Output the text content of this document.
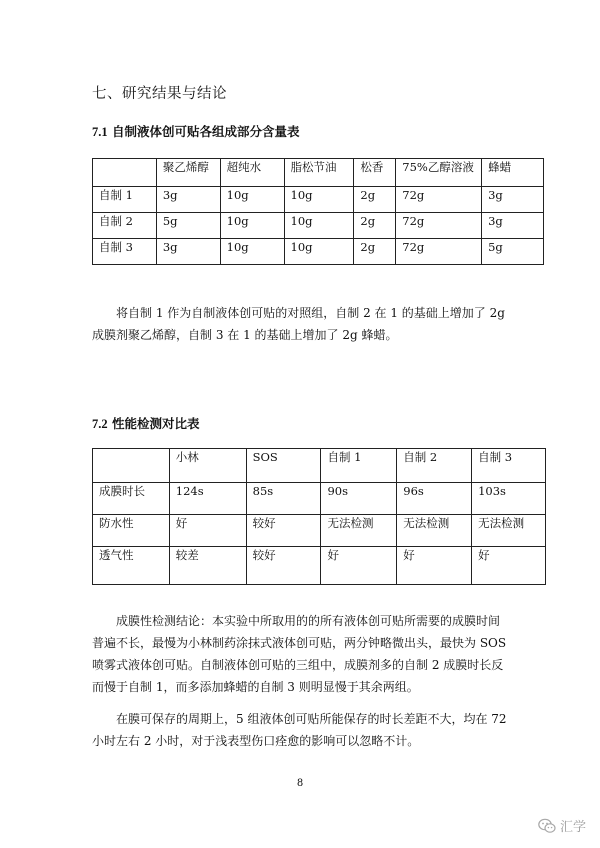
七、研究结果与结论
7.1 自制液体创可贴各组成部分含量表
	聚乙烯醇	超纯水	脂松节油	松香	75%乙醇溶液	蜂蜡
自制 1	3g	10g	10g	2g	72g	3g
自制 2	5g	10g	10g	2g	72g	3g
自制 3	3g	10g	10g	2g	72g	5g

将自制 1 作为自制液体创可贴的对照组，自制 2 在 1 的基础上增加了 2g

成膜剂聚乙烯醇，自制 3 在 1 的基础上增加了 2g 蜂蜡。

7.2 性能检测对比表
	小林	SOS	自制 1	自制 2	自制 3
成膜时长	124s	85s	90s	96s	103s
防水性	好	较好	无法检测	无法检测	无法检测
透气性	较差	较好	好	好	好

成膜性检测结论：本实验中所取用的的所有液体创可贴所需要的成膜时间

普遍不长，最慢为小林制药涂抹式液体创可贴，两分钟略微出头，最快为 SOS

喷雾式液体创可贴。自制液体创可贴的三组中，成膜剂多的自制 2 成膜时长反

而慢于自制 1，而多添加蜂蜡的自制 3 则明显慢于其余两组。

在膜可保存的周期上，5 组液体创可贴所能保存的时长差距不大，均在 72

小时左右 2 小时，对于浅表型伤口痊愈的影响可以忽略不计。

8
汇学
